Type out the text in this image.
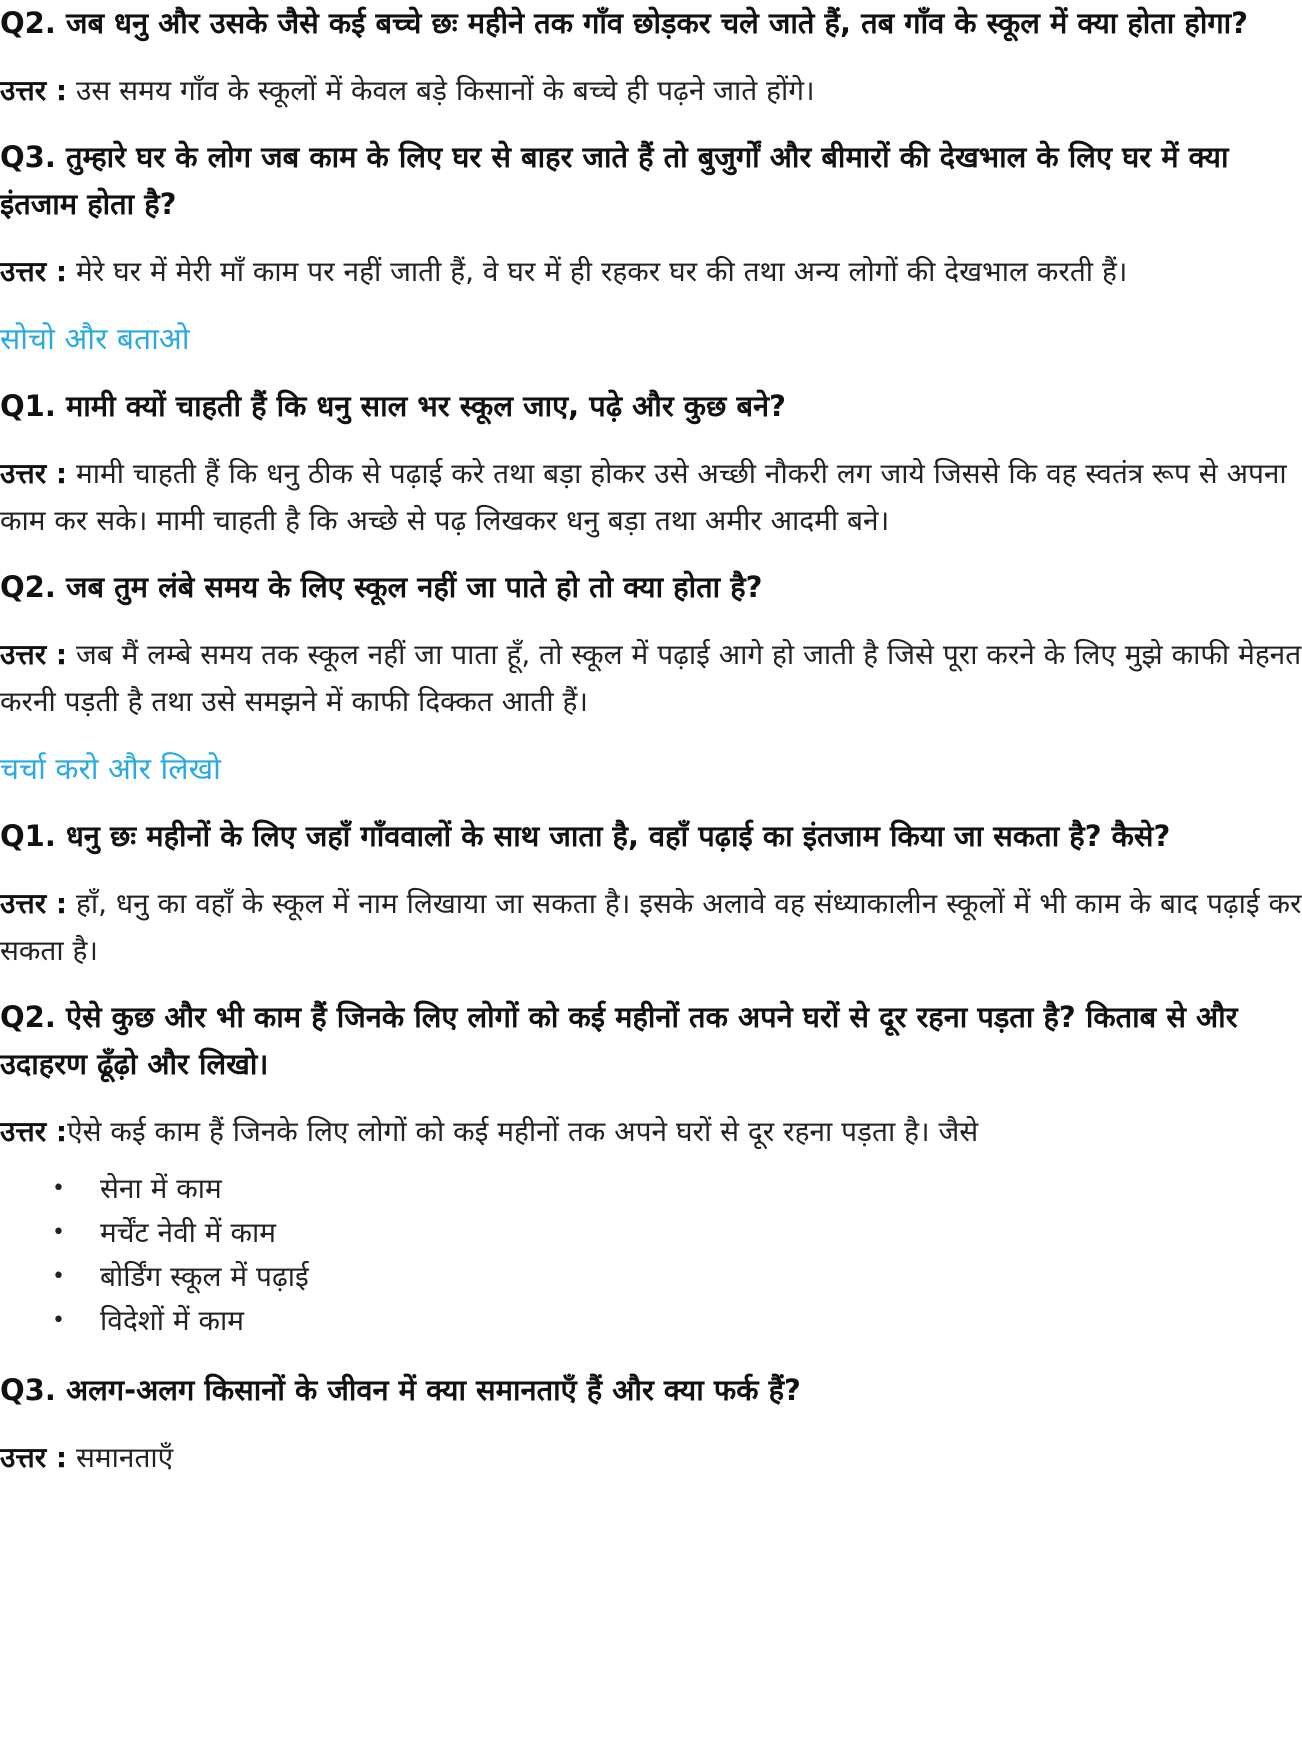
Q2. जब धनु और उसके जैसे कई बच्चे छः महीने तक गाँव छोड़कर चले जाते हैं, तब गाँव के स्कूल में क्या होता होगा?

उत्तर : उस समय गाँव के स्कूलों में केवल बड़े किसानों के बच्चे ही पढ़ने जाते होंगे।

Q3. तुम्हारे घर के लोग जब काम के लिए घर से बाहर जाते हैं तो बुजुर्गों और बीमारों की देखभाल के लिए घर में क्या इंतजाम होता है?

उत्तर : मेरे घर में मेरी माँ काम पर नहीं जाती हैं, वे घर में ही रहकर घर की तथा अन्य लोगों की देखभाल करती हैं।

सोचो और बताओ

Q1. मामी क्यों चाहती हैं कि धनु साल भर स्कूल जाए, पढ़े और कुछ बने?

उत्तर : मामी चाहती हैं कि धनु ठीक से पढ़ाई करे तथा बड़ा होकर उसे अच्छी नौकरी लग जाये जिससे कि वह स्वतंत्र रूप से अपना काम कर सके। मामी चाहती है कि अच्छे से पढ़ लिखकर धनु बड़ा तथा अमीर आदमी बने।

Q2. जब तुम लंबे समय के लिए स्कूल नहीं जा पाते हो तो क्या होता है?

उत्तर : जब मैं लम्बे समय तक स्कूल नहीं जा पाता हूँ, तो स्कूल में पढ़ाई आगे हो जाती है जिसे पूरा करने के लिए मुझे काफी मेहनत करनी पड़ती है तथा उसे समझने में काफी दिक्कत आती हैं।

चर्चा करो और लिखो

Q1. धनु छः महीनों के लिए जहाँ गाँववालों के साथ जाता है, वहाँ पढ़ाई का इंतजाम किया जा सकता है? कैसे?

उत्तर : हाँ, धनु का वहाँ के स्कूल में नाम लिखाया जा सकता है। इसके अलावे वह संध्याकालीन स्कूलों में भी काम के बाद पढ़ाई कर सकता है।

Q2. ऐसे कुछ और भी काम हैं जिनके लिए लोगों को कई महीनों तक अपने घरों से दूर रहना पड़ता है? किताब से और उदाहरण ढूँढ़ो और लिखो।

उत्तर :ऐसे कई काम हैं जिनके लिए लोगों को कई महीनों तक अपने घरों से दूर रहना पड़ता है। जैसे

• सेना में काम
• मर्चेंट नेवी में काम
• बोर्डिंग स्कूल में पढ़ाई
• विदेशों में काम

Q3. अलग-अलग किसानों के जीवन में क्या समानताएँ हैं और क्या फर्क हैं?

उत्तर : समानताएँ
